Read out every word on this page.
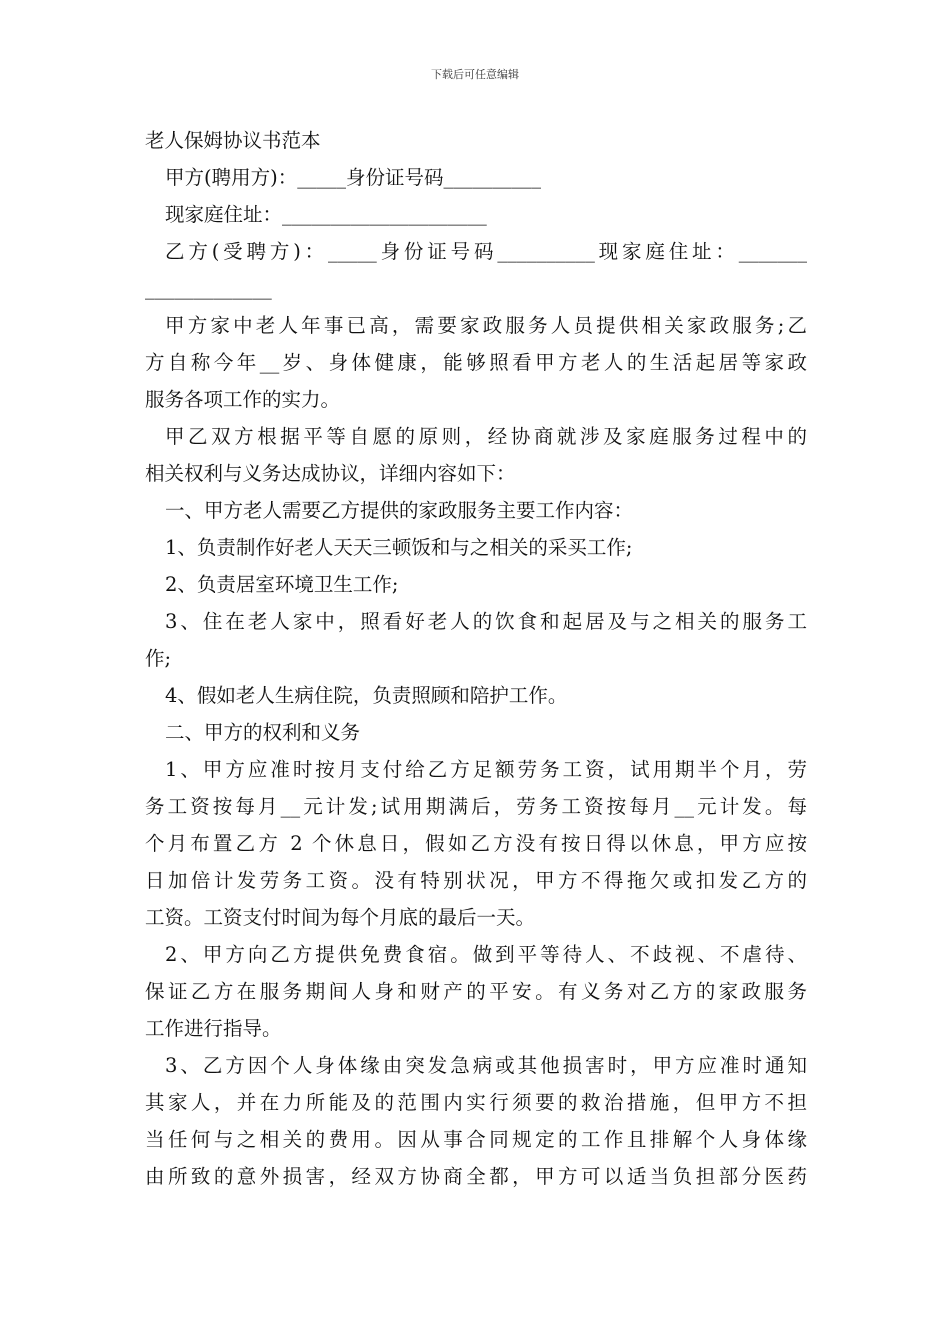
下载后可任意编辑
老人保姆协议书范本
甲方(聘用方)：_____身份证号码__________
现家庭住址：_____________________
乙方(受聘方)：_____身份证号码__________现家庭住址：_______
_____________
甲方家中老人年事已高，需要家政服务人员提供相关家政服务;乙
方自称今年__岁、身体健康，能够照看甲方老人的生活起居等家政
服务各项工作的实力。
甲乙双方根据平等自愿的原则，经协商就涉及家庭服务过程中的
相关权利与义务达成协议，详细内容如下：
一、甲方老人需要乙方提供的家政服务主要工作内容：
1、负责制作好老人天天三顿饭和与之相关的采买工作;
2、负责居室环境卫生工作;
3、住在老人家中，照看好老人的饮食和起居及与之相关的服务工
作;
4、假如老人生病住院，负责照顾和陪护工作。
二、甲方的权利和义务
1、甲方应准时按月支付给乙方足额劳务工资，试用期半个月，劳
务工资按每月__元计发;试用期满后，劳务工资按每月__元计发。每
个月布置乙方 2 个休息日，假如乙方没有按日得以休息，甲方应按
日加倍计发劳务工资。没有特别状况，甲方不得拖欠或扣发乙方的
工资。工资支付时间为每个月底的最后一天。
2、甲方向乙方提供免费食宿。做到平等待人、不歧视、不虐待、
保证乙方在服务期间人身和财产的平安。有义务对乙方的家政服务
工作进行指导。
3、乙方因个人身体缘由突发急病或其他损害时，甲方应准时通知
其家人，并在力所能及的范围内实行须要的救治措施，但甲方不担
当任何与之相关的费用。因从事合同规定的工作且排解个人身体缘
由所致的意外损害，经双方协商全都，甲方可以适当负担部分医药
